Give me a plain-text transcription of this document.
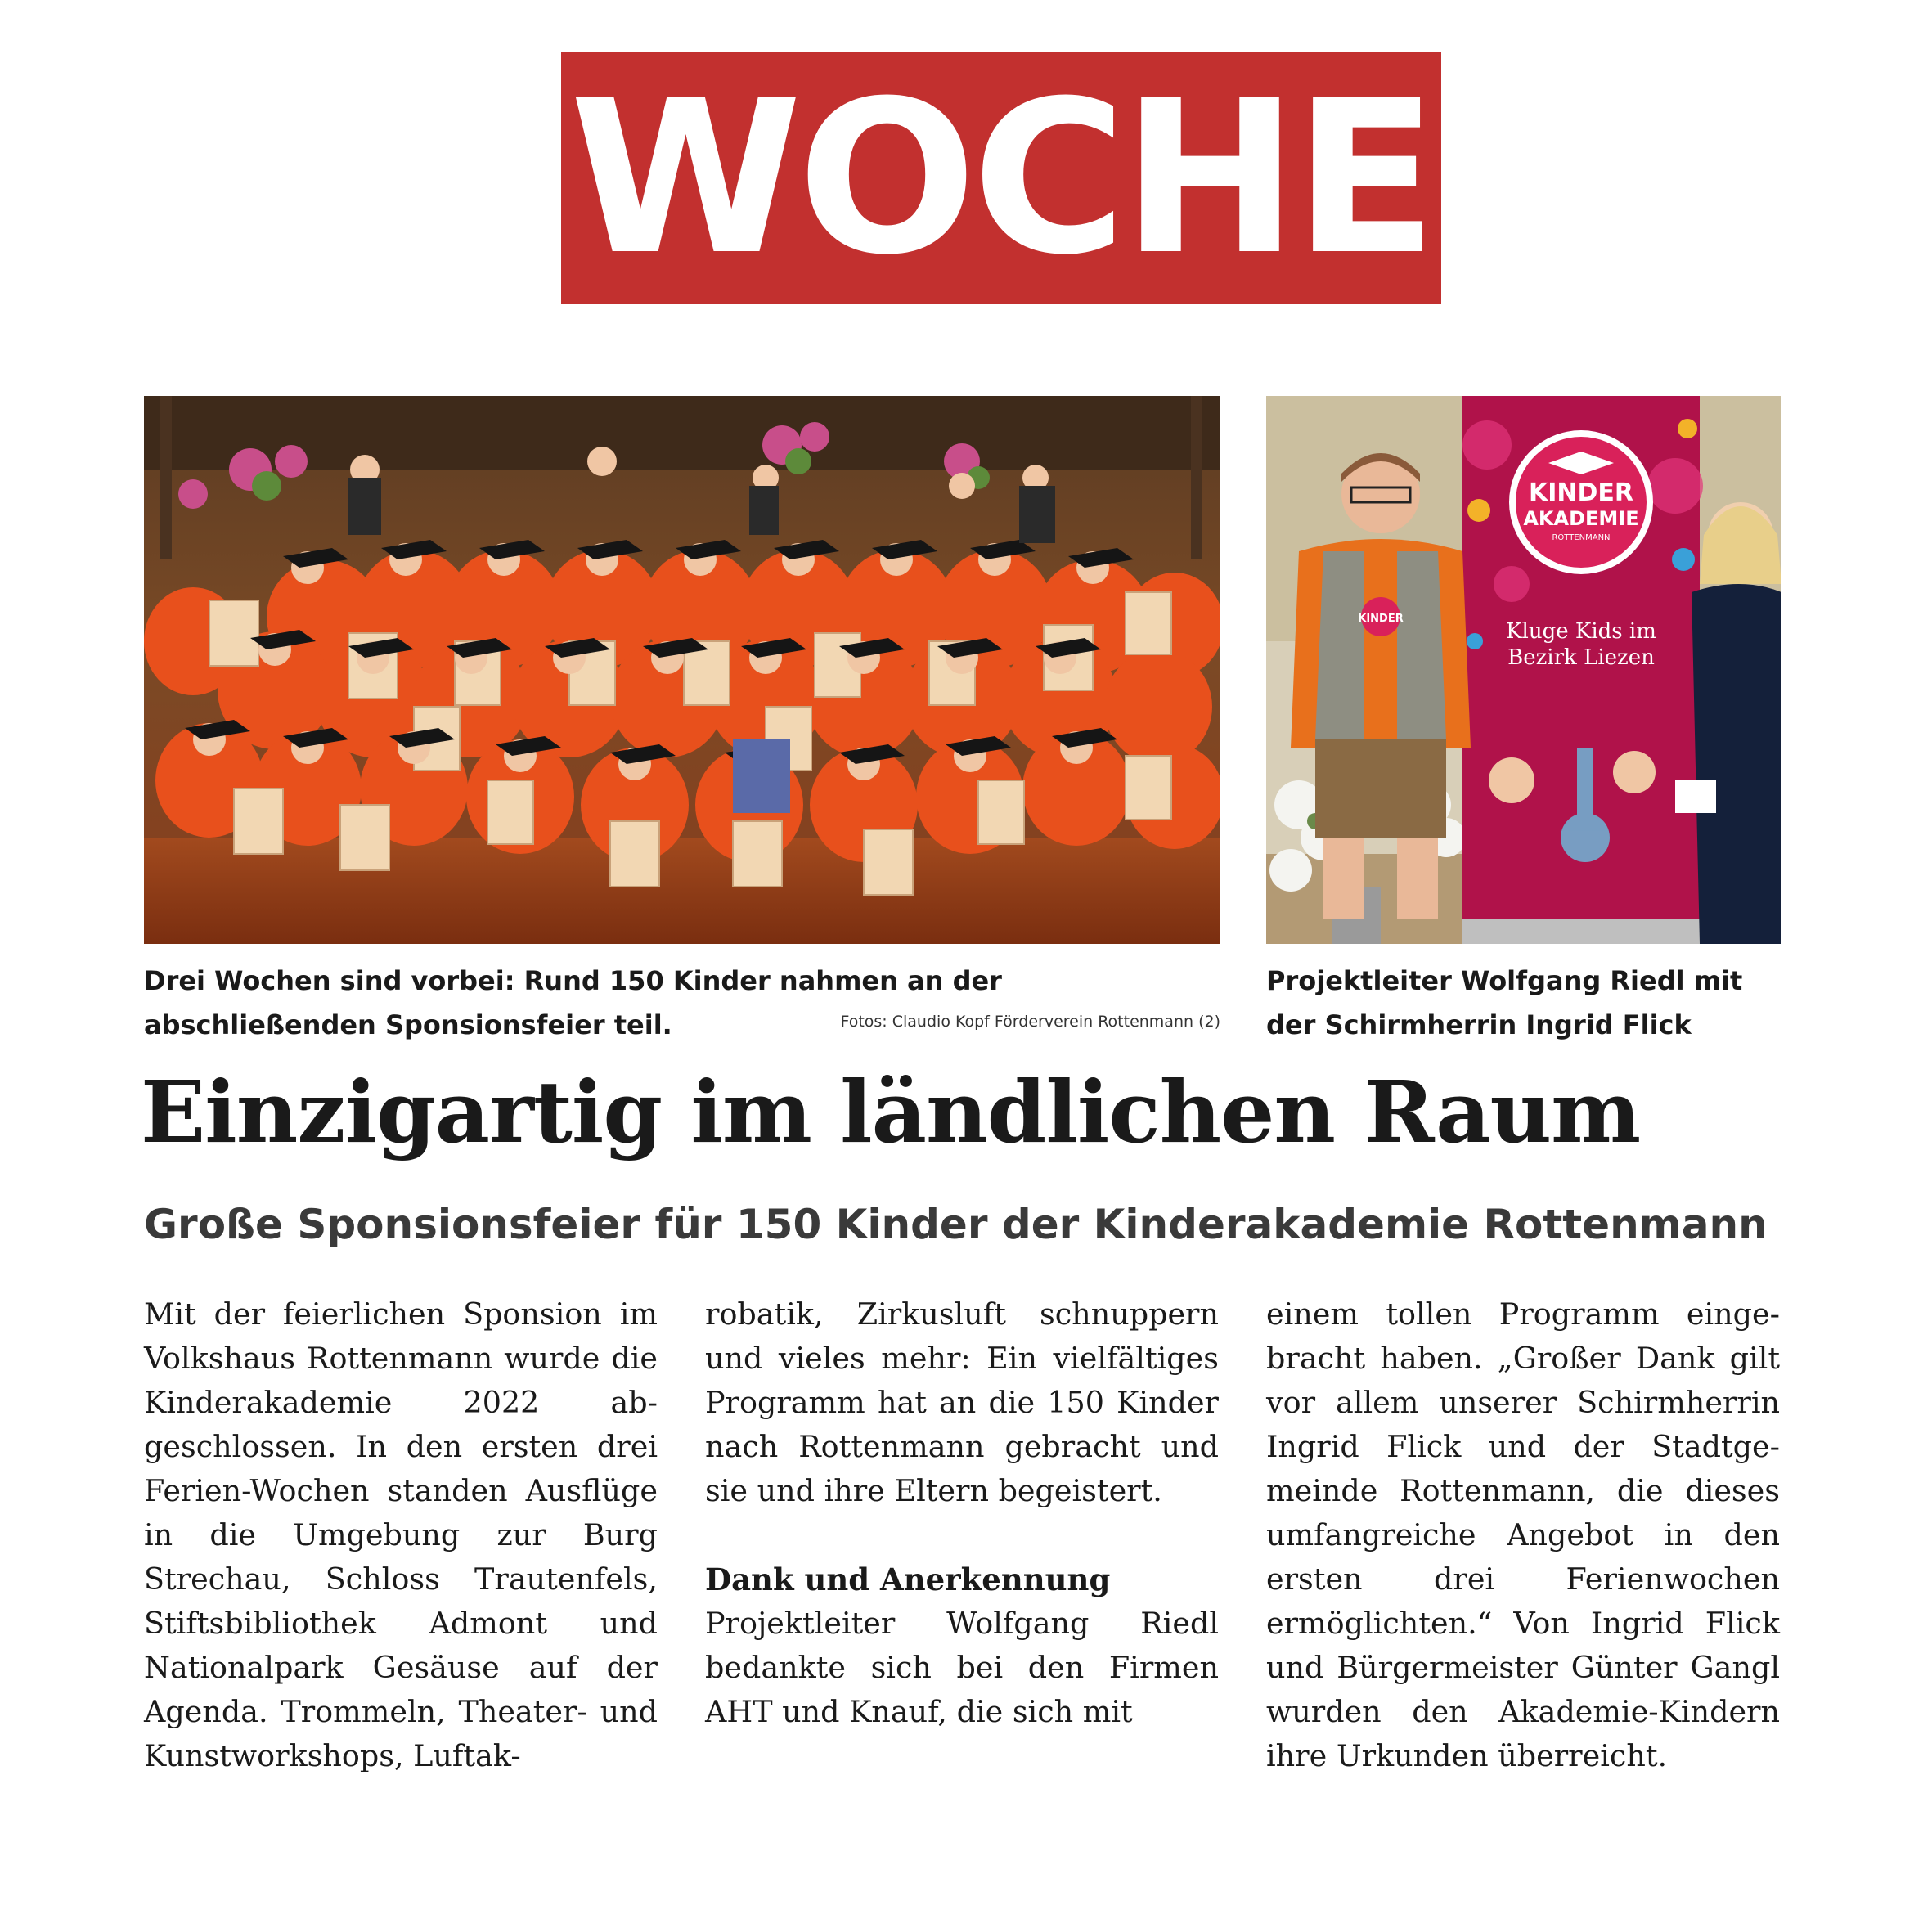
WOCHE
KINDER
AKADEMIE
ROTTENMANN
Kluge Kids im Bezirk Liezen
KINDER
Drei Wochen sind vorbei: Rund 150 Kinder nahmen an der abschließenden Sponsionsfeier teil.	Fotos: Claudio Kopf Förderverein Rottenmann (2)
Projektleiter Wolfgang Riedl mit der Schirmherrin Ingrid Flick
Einzigartig im ländlichen Raum
Große Sponsionsfeier für 150 Kinder der Kinderakademie Rottenmann

Mit der feierlichen Sponsion im Volkshaus Rottenmann wurde die Kinderakademie 2022 abgeschlossen. In den ersten drei Ferien-Wochen standen Ausflüge in die Umgebung zur Burg Strechau, Schloss Trautenfels, Stiftsbibliothek Admont und Nationalpark Gesäuse auf der Agenda. Trommeln, Theater- und Kunstworkshops, Luftak-

robatik, Zirkusluft schnuppern und vieles mehr: Ein vielfältiges Programm hat an die 150 Kinder nach Rottenmann gebracht und sie und ihre Eltern begeistert.

Dank und Anerkennung

Projektleiter Wolfgang Riedl bedankte sich bei den Firmen AHT und Knauf, die sich mit

einem tollen Programm eingebracht haben. „Großer Dank gilt vor allem unserer Schirmherrin Ingrid Flick und der Stadtgemeinde Rottenmann, die dieses umfangreiche Angebot in den ersten drei Ferienwochen ermöglichten.“ Von Ingrid Flick und Bürgermeister Günter Gangl wurden den Akademie-Kindern ihre Urkunden überreicht.
